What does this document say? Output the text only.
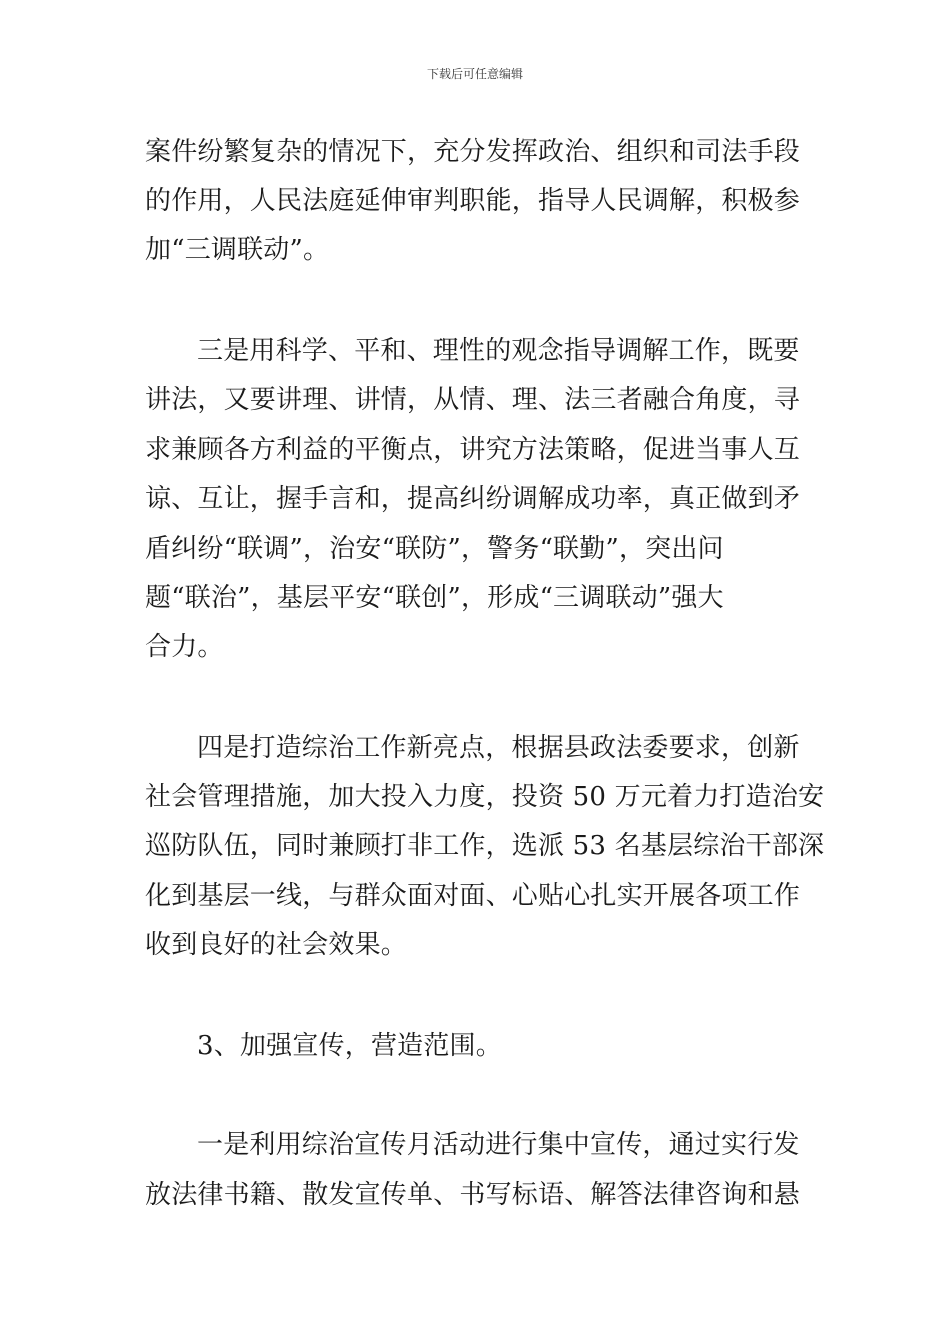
下载后可任意编辑
案件纷繁复杂的情况下，充分发挥政治、组织和司法手段
的作用，人民法庭延伸审判职能，指导人民调解，积极参
加“三调联动”。
三是用科学、平和、理性的观念指导调解工作，既要
讲法，又要讲理、讲情，从情、理、法三者融合角度，寻
求兼顾各方利益的平衡点，讲究方法策略，促进当事人互
谅、互让，握手言和，提高纠纷调解成功率，真正做到矛
盾纠纷“联调”，治安“联防”，警务“联勤”，突出问
题“联治”，基层平安“联创”，形成“三调联动”强大
合力。
四是打造综治工作新亮点，根据县政法委要求，创新
社会管理措施，加大投入力度，投资 50 万元着力打造治安
巡防队伍，同时兼顾打非工作，选派 53 名基层综治干部深
化到基层一线，与群众面对面、心贴心扎实开展各项工作
收到良好的社会效果。
3、加强宣传，营造范围。
一是利用综治宣传月活动进行集中宣传，通过实行发
放法律书籍、散发宣传单、书写标语、解答法律咨询和悬
